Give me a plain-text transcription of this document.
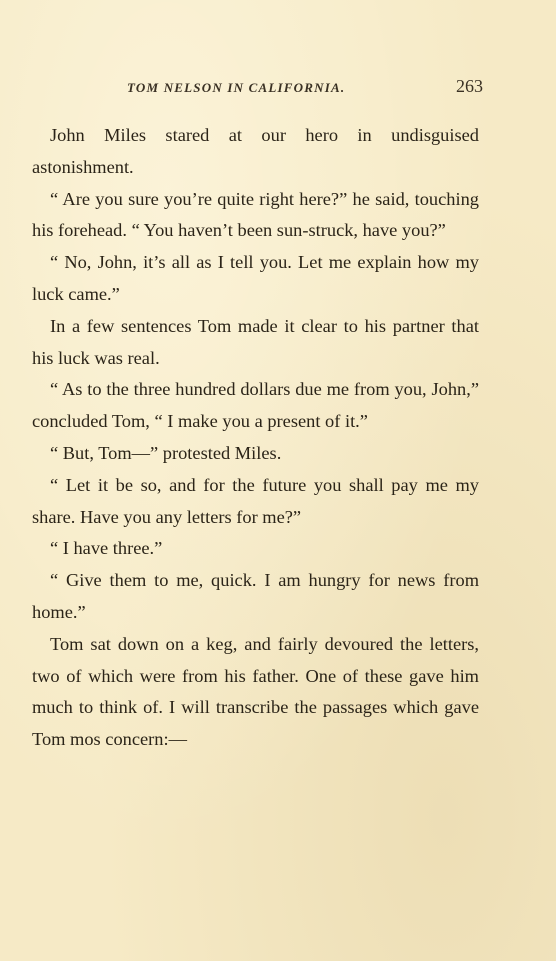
TOM NELSON IN CALIFORNIA.	263

John Miles stared at our hero in undisguised astonishment.

“ Are you sure you’re quite right here?” he said, touching his forehead. “ You haven’t been sun-struck, have you?”

“ No, John, it’s all as I tell you. Let me explain how my luck came.”

In a few sentences Tom made it clear to his partner that his luck was real.

“ As to the three hundred dollars due me from you, John,” concluded Tom, “ I make you a present of it.”

“ But, Tom—” protested Miles.

“ Let it be so, and for the future you shall pay me my share. Have you any letters for me?”

“ I have three.”

“ Give them to me, quick. I am hungry for news from home.”

Tom sat down on a keg, and fairly devoured the letters, two of which were from his father. One of these gave him much to think of. I will transcribe the passages which gave Tom mos concern:—
